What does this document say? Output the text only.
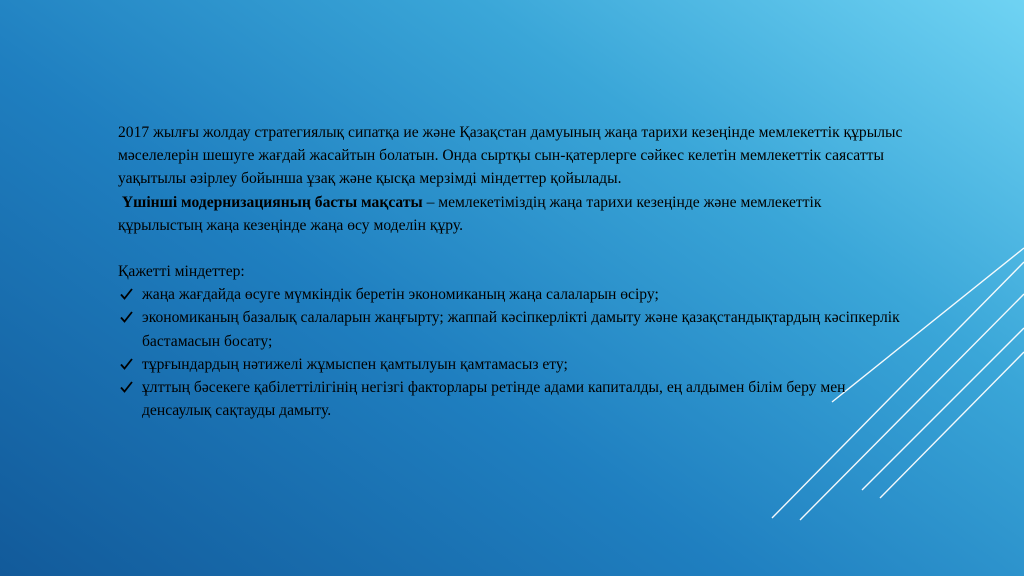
2017 жылғы жолдау стратегиялық сипатқа ие және Қазақстан дамуының жаңа тарихи кезеңінде мемлекеттік құрылыс мәселелерін шешуге жағдай жасайтын болатын. Онда сыртқы сын-қатерлерге сәйкес келетін мемлекеттік саясатты уақытылы әзірлеу бойынша ұзақ және қысқа мерзімді міндеттер қойылады.

Үшінші модернизацияның басты мақсаты – мемлекетіміздің жаңа тарихи кезеңінде және мемлекеттік құрылыстың жаңа кезеңінде жаңа өсу моделін құру.

Қажетті міндеттер:

жаңа жағдайда өсуге мүмкіндік беретін экономиканың жаңа салаларын өсіру;
экономиканың базалық салаларын жаңғырту; жаппай кәсіпкерлікті дамыту және қазақстандықтардың кәсіпкерлік бастамасын босату;
тұрғындардың нәтижелі жұмыспен қамтылуын қамтамасыз ету;
ұлттың бәсекеге қабілеттілігінің негізгі факторлары ретінде адами капиталды, ең алдымен білім беру мен денсаулық сақтауды дамыту.
